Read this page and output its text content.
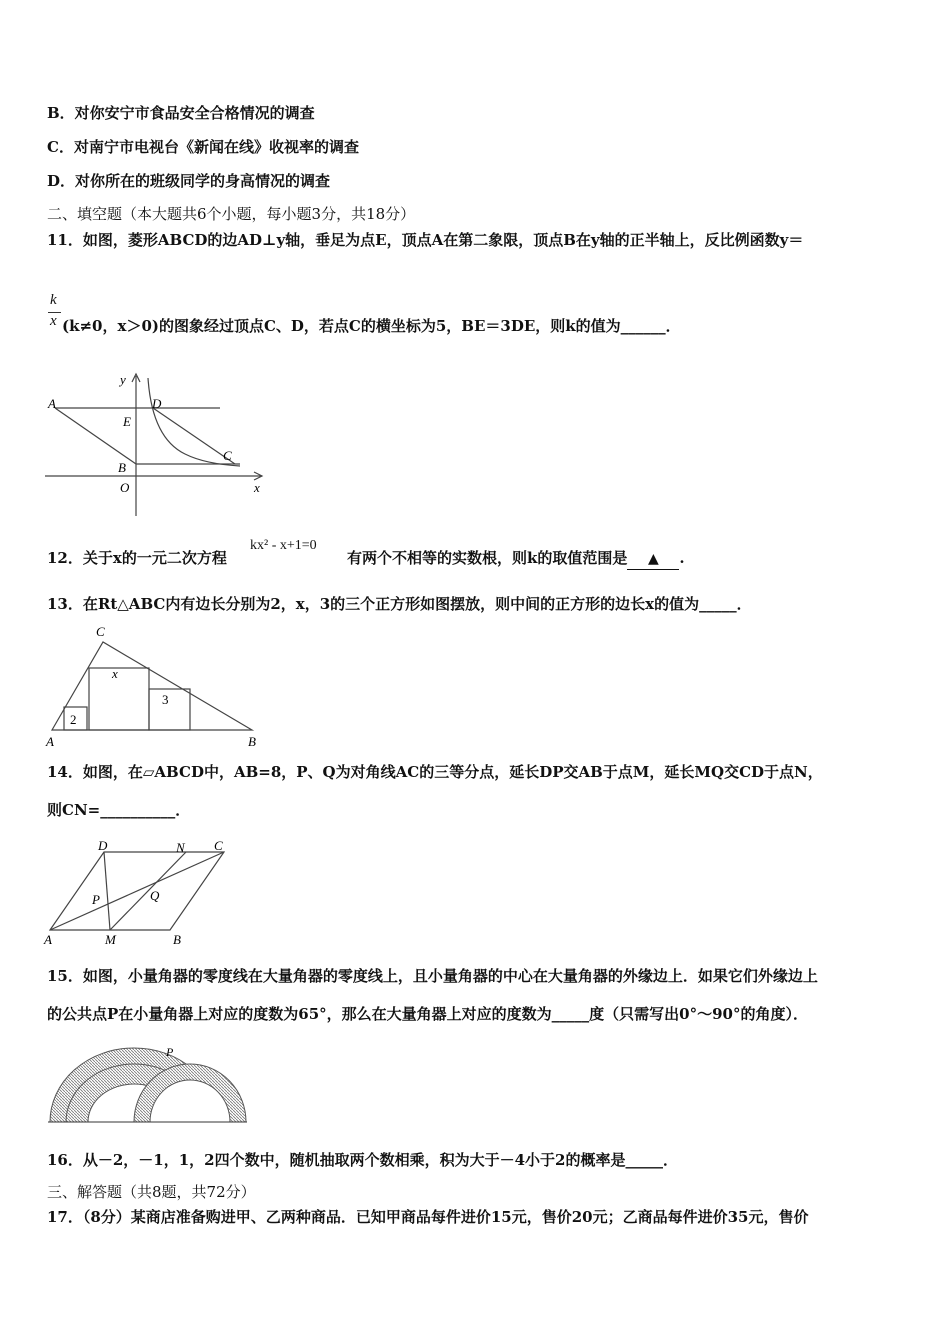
B．对你安宁市食品安全合格情况的调查
C．对南宁市电视台《新闻在线》收视率的调查
D．对你所在的班级同学的身高情况的调查
二、填空题（本大题共6个小题，每小题3分，共18分）
11．如图，菱形ABCD的边AD⊥y轴，垂足为点E，顶点A在第二象限，顶点B在y轴的正半轴上，反比例函数y＝
k
x (k≠0，x＞0)的图象经过顶点C、D，若点C的横坐标为5，BE＝3DE，则k的值为______．
A
E
D
C
B
O	x
y
12．关于x的一元二次方程
kx² - x+1=0
有两个不相等的实数根，则k的取值范围是 ▲ .
13．在Rt△ABC内有边长分别为2，x，3的三个正方形如图摆放，则中间的正方形的边长x的值为_____．
C
A	B
2
x
3
14．如图，在▱ABCD中，AB=8，P、Q为对角线AC的三等分点，延长DP交AB于点M，延长MQ交CD于点N，
则CN=__________．
D	N C
P	Q
A	M	B
15．如图，小量角器的零度线在大量角器的零度线上，且小量角器的中心在大量角器的外缘边上．如果它们外缘边上
的公共点P在小量角器上对应的度数为65°，那么在大量角器上对应的度数为_____度（只需写出0°～90°的角度）．
P
16．从－2，－1，1，2四个数中，随机抽取两个数相乘，积为大于－4小于2的概率是_____．
三、解答题（共8题，共72分）
17．（8分）某商店准备购进甲、乙两种商品．已知甲商品每件进价15元，售价20元；乙商品每件进价35元，售价
